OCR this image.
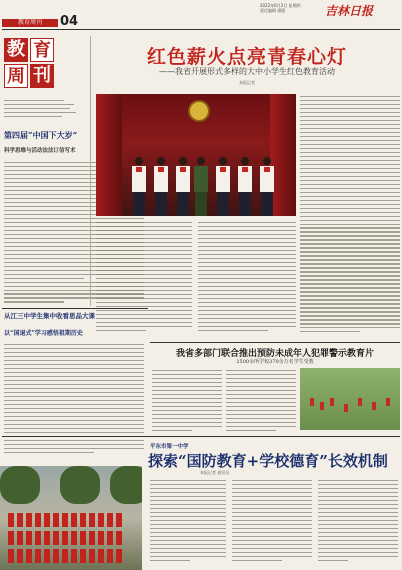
教育周刊	04
2022年6月2日 星期四
责任编辑 排版	吉林日报
教 育
周 刊
第四届“中国下大岁”
科学思维与活动法法订信写术
从江三中学生集中收看思品大课
以“国退式”学习感悟祖期历史
红色薪火点亮青春心灯
——我省开展形式多样的大中小学生红色教育活动
本报记者
我省多部门联合推出预防未成年人犯罪警示教育片
2500余所学校370余万名学生受教
平东市第一中学
探索“国防教育+学校德育”长效机制
本报记者 通讯员
